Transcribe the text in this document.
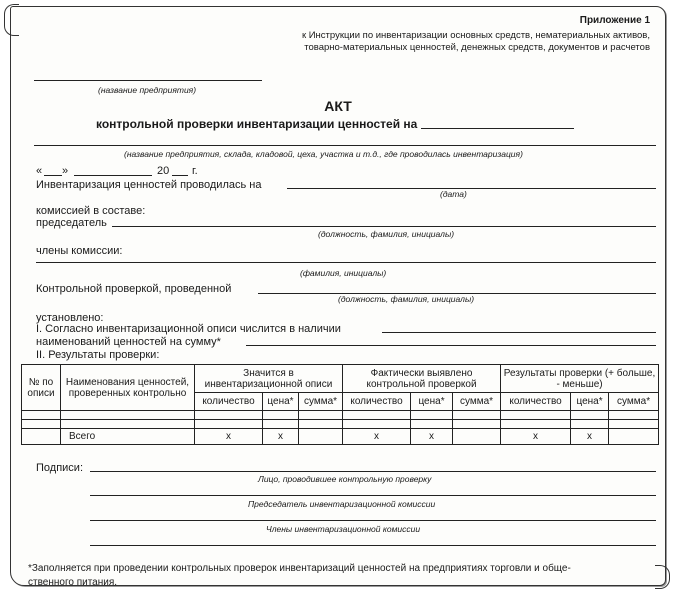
Приложение 1
к Инструкции по инвентаризации основных средств, нематериальных активов,
товарно-материальных ценностей, денежных средств, документов и расчетов
(название предприятия)
АКТ
контрольной проверки инвентаризации ценностей на
(название предприятия, склада, кладовой, цеха, участка и т.д., где проводилась инвентаризация)
« »	20 г.
Инвентаризация ценностей проводилась на
(дата)
комиссией в составе:
председатель
(должность, фамилия, инициалы)
члены комиссии:
(фамилия, инициалы)
Контрольной проверкой, проведенной
(должность, фамилия, инициалы)
установлено:
I. Согласно инвентаризационной описи числится в наличии
наименований ценностей на сумму*
II. Результаты проверки:
№ по описи	Наименования ценностей, проверенных контрольно	Значится в инвентаризационной описи			Фактически выявлено контрольной проверкой			Результаты проверки (+ больше, - меньше)		
		количество	цена*	сумма*	количество	цена*	сумма*	количество	цена*	сумма*

	Всего	x	x		x	x		x	x	
Подписи:
Лицо, проводившее контрольную проверку
Председатель инвентаризационной комиссии
Члены инвентаризационной комиссии
*Заполняется при проведении контрольных проверок инвентаризаций ценностей на предприятиях торговли и обще-
ственного питания.
